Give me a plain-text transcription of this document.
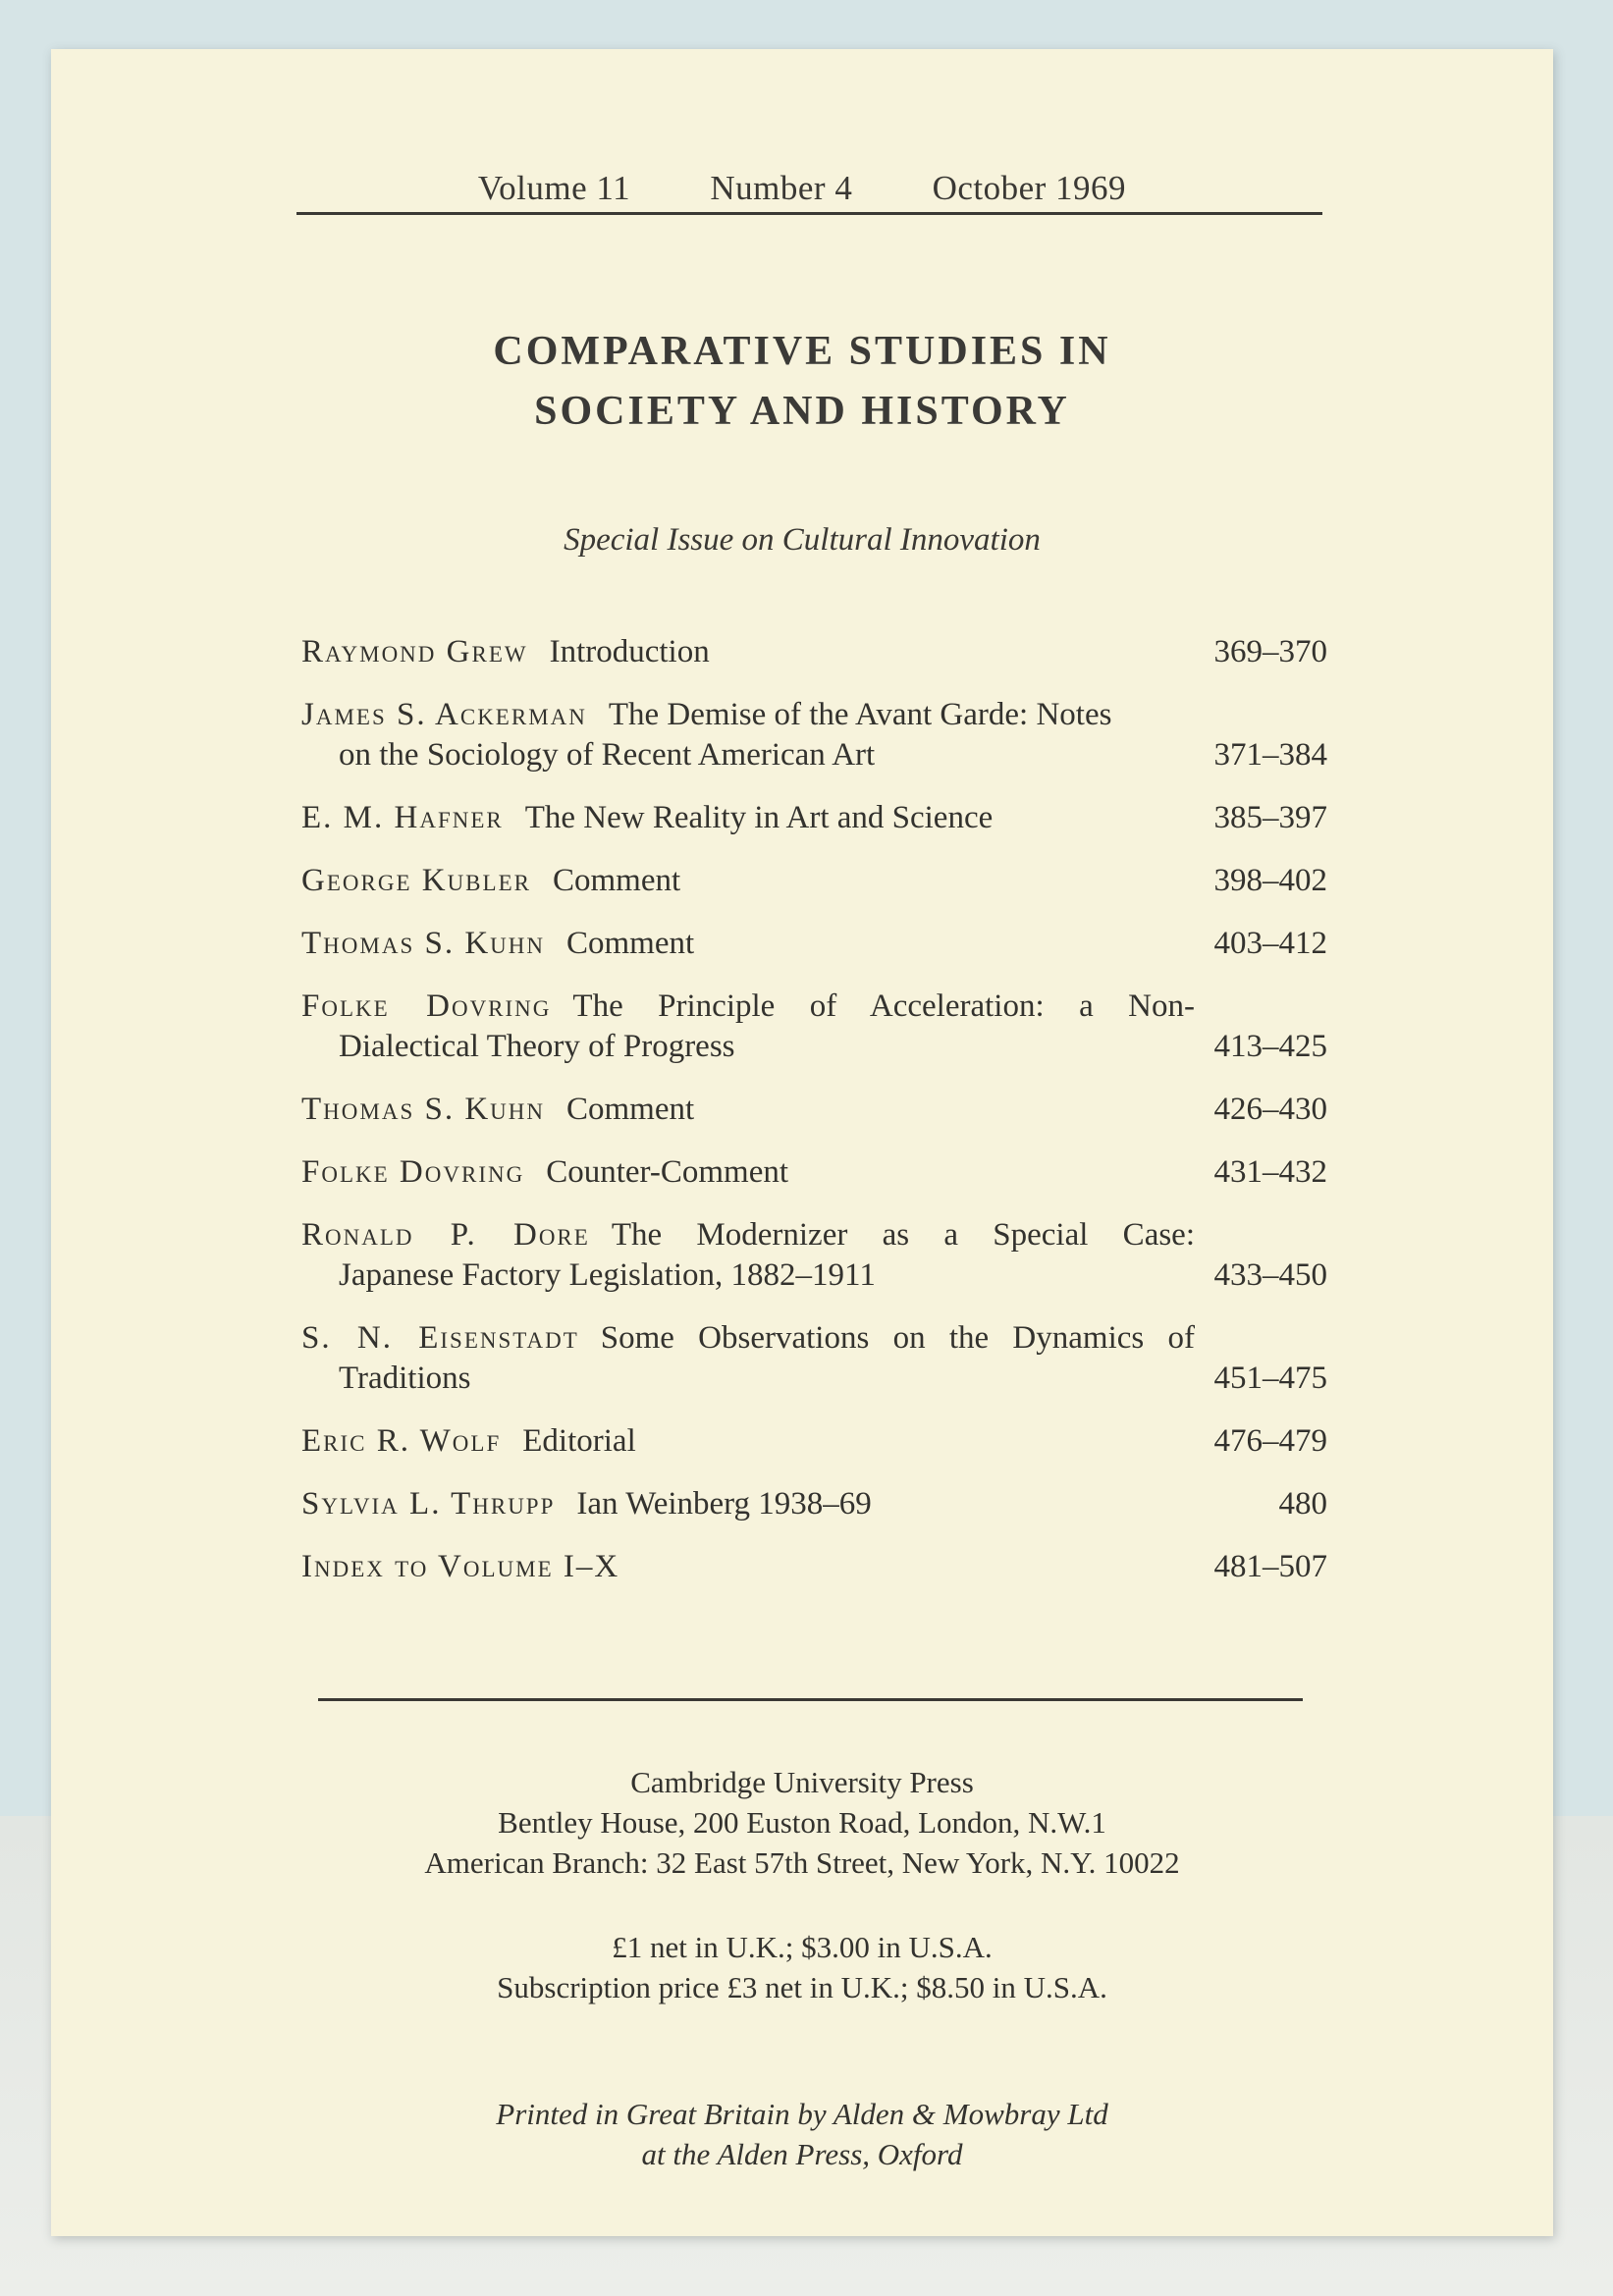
Volume 11 Number 4 October 1969
COMPARATIVE STUDIES IN
SOCIETY AND HISTORY
Special Issue on Cultural Innovation
Raymond Grew Introduction	369–370
James S. Ackerman The Demise of the Avant Garde: Notes
on the Sociology of Recent American Art	371–384
E. M. Hafner The New Reality in Art and Science	385–397
George Kubler Comment	398–402
Thomas S. Kuhn Comment	403–412
Folke Dovring The Principle of Acceleration: a Non-
Dialectical Theory of Progress	413–425
Thomas S. Kuhn Comment	426–430
Folke Dovring Counter-Comment	431–432
Ronald P. Dore The Modernizer as a Special Case:
Japanese Factory Legislation, 1882–1911	433–450
S. N. Eisenstadt Some Observations on the Dynamics of
Traditions	451–475
Eric R. Wolf Editorial	476–479
Sylvia L. Thrupp Ian Weinberg 1938–69	480
Index to Volume I–X	481–507
Cambridge University Press
Bentley House, 200 Euston Road, London, N.W.1
American Branch: 32 East 57th Street, New York, N.Y. 10022
£1 net in U.K.; $3.00 in U.S.A.
Subscription price £3 net in U.K.; $8.50 in U.S.A.
Printed in Great Britain by Alden & Mowbray Ltd
at the Alden Press, Oxford
